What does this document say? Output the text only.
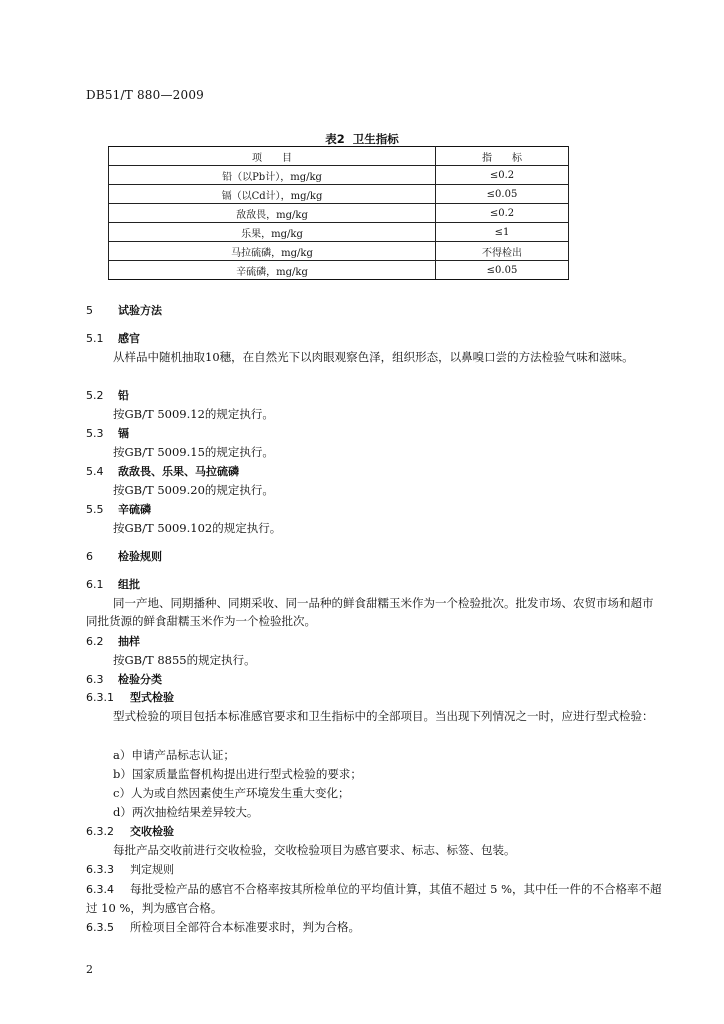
DB51/T 880—2009
表2 卫生指标
项　　目	指　　标
铅（以Pb计），mg/kg	≤0.2
镉（以Cd计），mg/kg	≤0.05
敌敌畏，mg/kg	≤0.2
乐果，mg/kg	≤1
马拉硫磷，mg/kg	不得检出
辛硫磷，mg/kg	≤0.05
5 试验方法
5.1 感官
从样品中随机抽取10穗，在自然光下以肉眼观察色泽，组织形态，以鼻嗅口尝的方法检验气味和滋味。
5.2 铅
按GB/T 5009.12的规定执行。
5.3 镉
按GB/T 5009.15的规定执行。
5.4 敌敌畏、乐果、马拉硫磷
按GB/T 5009.20的规定执行。
5.5 辛硫磷
按GB/T 5009.102的规定执行。
6 检验规则
6.1 组批
同一产地、同期播种、同期采收、同一品种的鲜食甜糯玉米作为一个检验批次。批发市场、农贸市场和超市同批货源的鲜食甜糯玉米作为一个检验批次。
6.2 抽样
按GB/T 8855的规定执行。
6.3 检验分类
6.3.1 型式检验
型式检验的项目包括本标准感官要求和卫生指标中的全部项目。当出现下列情况之一时，应进行型式检验：
a）申请产品标志认证；
b）国家质量监督机构提出进行型式检验的要求；
c）人为或自然因素使生产环境发生重大变化；
d）两次抽检结果差异较大。
6.3.2 交收检验
每批产品交收前进行交收检验，交收检验项目为感官要求、标志、标签、包装。
6.3.3 判定规则
6.3.4 每批受检产品的感官不合格率按其所检单位的平均值计算，其值不超过 5 %，其中任一件的不合格率不超过 10 %，判为感官合格。
6.3.5 所检项目全部符合本标准要求时，判为合格。
2
